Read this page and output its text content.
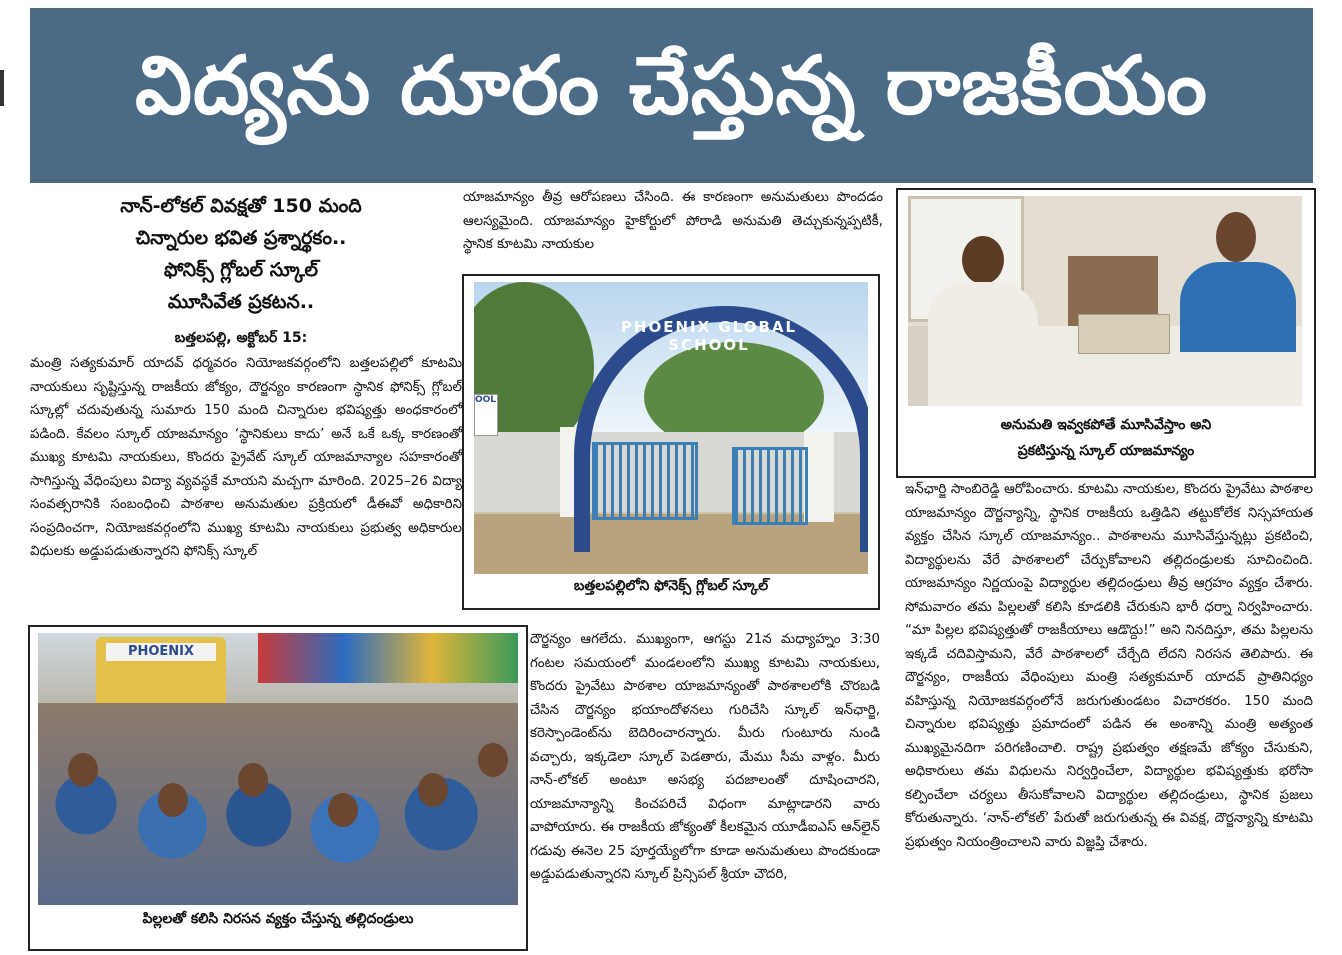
విద్యను దూరం చేస్తున్న రాజకీయం
నాన్-లోకల్ వివక్షతో 150 మంది
చిన్నారుల భవిత ప్రశ్నార్థకం..
ఫోనిక్స్ గ్లోబల్ స్కూల్
మూసివేత ప్రకటన..
బత్తలపల్లి, అక్టోబర్ 15:
మంత్రి సత్యకుమార్ యాదవ్ ధర్మవరం నియోజకవర్గంలోని బత్తలపల్లిలో కూటమి నాయకులు సృష్టిస్తున్న రాజకీయ జోక్యం, దౌర్జన్యం కారణంగా స్థానిక ఫోనిక్స్ గ్లోబల్ స్కూల్లో చదువుతున్న సుమారు 150 మంది చిన్నారుల భవిష్యత్తు అంధకారంలో పడింది. కేవలం స్కూల్ యాజమాన్యం ‘స్థానికులు కాదు’ అనే ఒకే ఒక్క కారణంతో ముఖ్య కూటమి నాయకులు, కొందరు ప్రైవేట్ స్కూల్ యాజమాన్యాల సహకారంతో సాగిస్తున్న వేధింపులు విద్యా వ్యవస్థకే మాయని మచ్చగా మారింది. 2025–26 విద్యా సంవత్సరానికి సంబంధించి పాఠశాల అనుమతుల ప్రక్రియలో డీఈవో అధికారిని సంప్రదించగా, నియోజకవర్గంలోని ముఖ్య కూటమి నాయకులు ప్రభుత్వ అధికారుల విధులకు అడ్డుపడుతున్నారని ఫోనిక్స్ స్కూల్
యాజమాన్యం తీవ్ర ఆరోపణలు చేసింది. ఈ కారణంగా అనుమతులు పొందడం ఆలస్యమైంది. యాజమాన్యం హైకోర్టులో పోరాడి అనుమతి తెచ్చుకున్నప్పటికీ, స్థానిక కూటమి నాయకుల
దౌర్జన్యం ఆగలేదు. ముఖ్యంగా, ఆగస్టు 21న మధ్యాహ్నం 3:30 గంటల సమయంలో మండలంలోని ముఖ్య కూటమి నాయకులు, కొందరు ప్రైవేటు పాఠశాల యాజమాన్యంతో పాఠశాలలోకి చొరబడి చేసిన దౌర్జన్యం భయాందోళనలు గురిచేసి స్కూల్ ఇన్‌ఛార్జి, కరెస్పాండెంట్‌ను బెదిరించారన్నారు. మీరు గుంటూరు నుండి వచ్చారు, ఇక్కడెలా స్కూల్ పెడతారు, మేము సీమ వాళ్లం. మీరు నాన్-లోకల్ అంటూ అసభ్య పదజాలంతో దూషించారని, యాజమాన్యాన్ని కించపరిచే విధంగా మాట్లాడారని వారు వాపోయారు. ఈ రాజకీయ జోక్యంతో కీలకమైన యూడీఐఎస్ ఆన్‌లైన్ గడువు ఈనెల 25 పూర్తయ్యేలోగా కూడా అనుమతులు పొందకుండా అడ్డుపడుతున్నారని స్కూల్ ప్రిన్సిపల్ శ్రీయా చౌదరి,
ఇన్‌ఛార్జి సాంబిరెడ్డి ఆరోపించారు. కూటమి నాయకుల, కొందరు ప్రైవేటు పాఠశాల యాజమాన్యం దౌర్జన్యాన్ని, స్థానిక రాజకీయ ఒత్తిడిని తట్టుకోలేక నిస్సహాయత వ్యక్తం చేసిన స్కూల్ యాజమాన్యం.. పాఠశాలను మూసివేస్తున్నట్లు ప్రకటించి, విద్యార్థులను వేరే పాఠశాలలో చేర్పుకోవాలని తల్లిదండ్రులకు సూచించింది. యాజమాన్యం నిర్ణయంపై విద్యార్థుల తల్లిదండ్రులు తీవ్ర ఆగ్రహం వ్యక్తం చేశారు. సోమవారం తమ పిల్లలతో కలిసి కూడలికి చేరుకుని భారీ ధర్నా నిర్వహించారు. “మా పిల్లల భవిష్యత్తుతో రాజకీయాలు ఆడొద్దు!” అని నినదిస్తూ, తమ పిల్లలను ఇక్కడే చదివిస్తామని, వేరే పాఠశాలలో చేర్చేది లేదని నిరసన తెలిపారు. ఈ దౌర్జన్యం, రాజకీయ వేధింపులు మంత్రి సత్యకుమార్ యాదవ్ ప్రాతినిధ్యం వహిస్తున్న నియోజకవర్గంలోనే జరుగుతుండటం విచారకరం. 150 మంది చిన్నారుల భవిష్యత్తు ప్రమాదంలో పడిన ఈ అంశాన్ని మంత్రి అత్యంత ముఖ్యమైనదిగా పరిగణించాలి. రాష్ట్ర ప్రభుత్వం తక్షణమే జోక్యం చేసుకుని, అధికారులు తమ విధులను నిర్వర్తించేలా, విద్యార్థుల భవిష్యత్తుకు భరోసా కల్పించేలా చర్యలు తీసుకోవాలని విద్యార్థుల తల్లిదండ్రులు, స్థానిక ప్రజలు కోరుతున్నారు. ‘నాన్-లోకల్’ పేరుతో జరుగుతున్న ఈ వివక్ష, దౌర్జన్యాన్ని కూటమి ప్రభుత్వం నియంత్రించాలని వారు విజ్ఞప్తి చేశారు.
PHOENIX GLOBAL SCHOOL
OOL
బత్తలపల్లిలోని ఫోనెక్స్ గ్లోబల్ స్కూల్
అనుమతి ఇవ్వకపోతే మూసివేస్తాం అని
ప్రకటిస్తున్న స్కూల్ యాజమాన్యం
PHOENIX
పిల్లలతో కలిసి నిరసన వ్యక్తం చేస్తున్న తల్లిదండ్రులు
